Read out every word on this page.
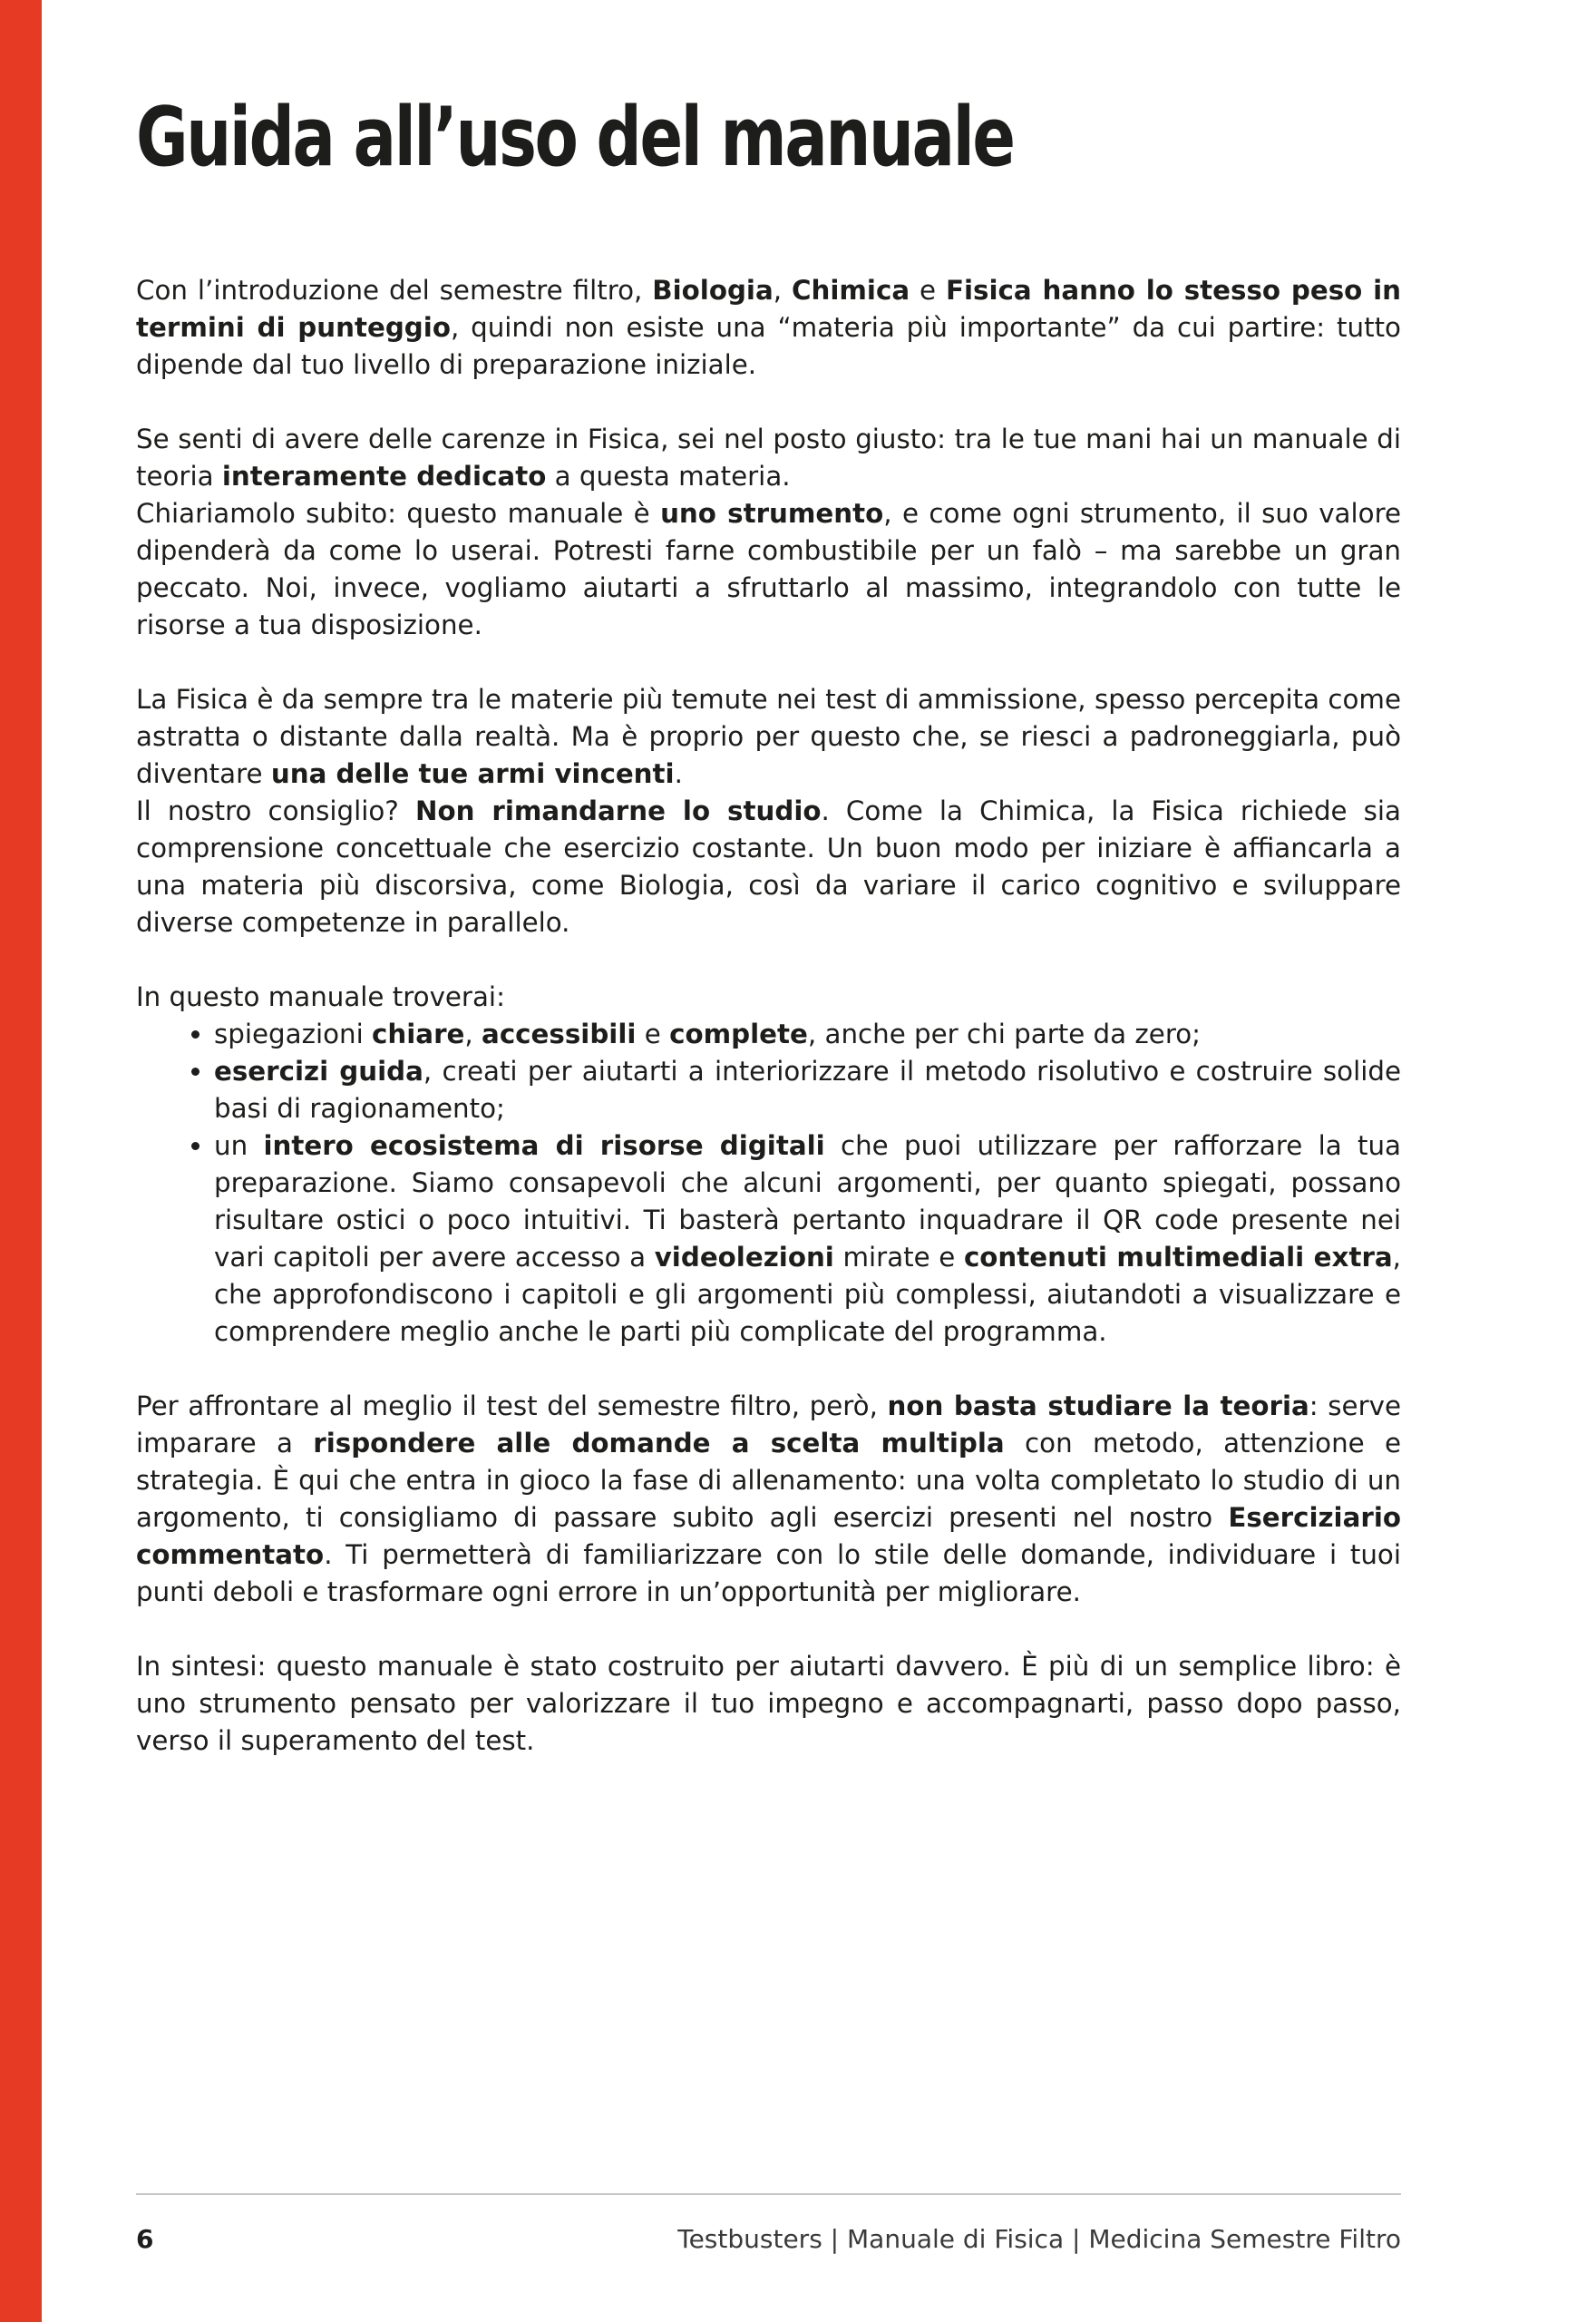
Guida all’uso del manuale

Con l’introduzione del semestre filtro, Biologia, Chimica e Fisica hanno lo stesso peso in termini di punteggio, quindi non esiste una “materia più importante” da cui partire: tutto dipende dal tuo livello di preparazione iniziale.

Se senti di avere delle carenze in Fisica, sei nel posto giusto: tra le tue mani hai un manuale di teoria interamente dedicato a questa materia.

Chiariamolo subito: questo manuale è uno strumento, e come ogni strumento, il suo valore dipenderà da come lo userai. Potresti farne combustibile per un falò – ma sarebbe un gran peccato. Noi, invece, vogliamo aiutarti a sfruttarlo al massimo, integrandolo con tutte le risorse a tua disposizione.

La Fisica è da sempre tra le materie più temute nei test di ammissione, spesso percepita come astratta o distante dalla realtà. Ma è proprio per questo che, se riesci a padroneggiarla, può diventare una delle tue armi vincenti.

Il nostro consiglio? Non rimandarne lo studio. Come la Chimica, la Fisica richiede sia comprensione concettuale che esercizio costante. Un buon modo per iniziare è affiancarla a una materia più discorsiva, come Biologia, così da variare il carico cognitivo e sviluppare diverse competenze in parallelo.

In questo manuale troverai:

• spiegazioni chiare, accessibili e complete, anche per chi parte da zero;
• esercizi guida, creati per aiutarti a interiorizzare il metodo risolutivo e costruire solide basi di ragionamento;
• un intero ecosistema di risorse digitali che puoi utilizzare per rafforzare la tua preparazione. Siamo consapevoli che alcuni argomenti, per quanto spiegati, possano risultare ostici o poco intuitivi. Ti basterà pertanto inquadrare il QR code presente nei vari capitoli per avere accesso a videolezioni mirate e contenuti multimediali extra, che approfondiscono i capitoli e gli argomenti più complessi, aiutandoti a visualizzare e comprendere meglio anche le parti più complicate del programma.

Per affrontare al meglio il test del semestre filtro, però, non basta studiare la teoria: serve imparare a rispondere alle domande a scelta multipla con metodo, attenzione e strategia. È qui che entra in gioco la fase di allenamento: una volta completato lo studio di un argomento, ti consigliamo di passare subito agli esercizi presenti nel nostro Eserciziario commentato. Ti permetterà di familiarizzare con lo stile delle domande, individuare i tuoi punti deboli e trasformare ogni errore in un’opportunità per migliorare.

In sintesi: questo manuale è stato costruito per aiutarti davvero. È più di un semplice libro: è uno strumento pensato per valorizzare il tuo impegno e accompagnarti, passo dopo passo, verso il superamento del test.

6	Testbusters | Manuale di Fisica | Medicina Semestre Filtro
